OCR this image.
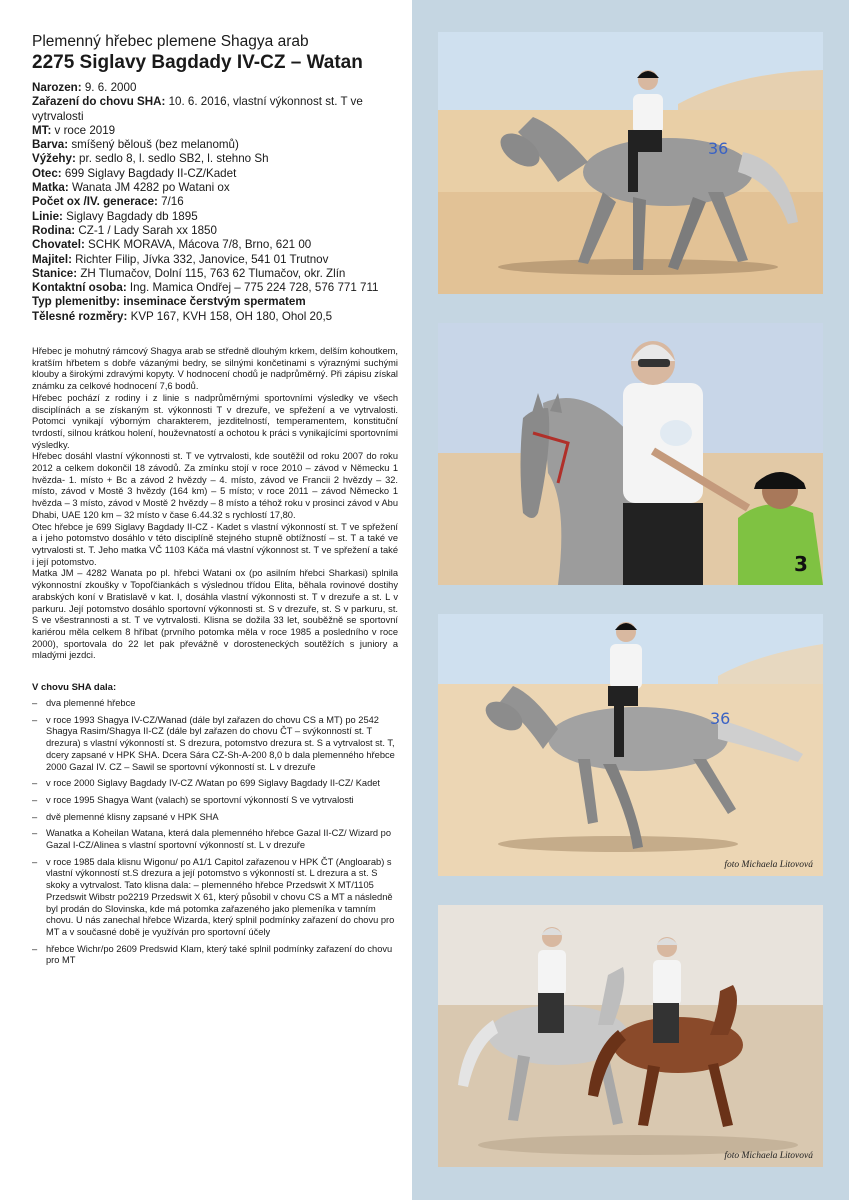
Plemenný hřebec plemene Shagya arab
2275 Siglavy Bagdady IV-CZ – Watan
Narozen: 9. 6. 2000
Zařazení do chovu SHA: 10. 6. 2016, vlastní výkonnost st. T ve vytrvalosti
MT: v roce 2019
Barva: smíšený bělouš (bez melanomů)
Výžehy: pr. sedlo 8, l. sedlo SB2, l. stehno Sh
Otec: 699 Siglavy Bagdady II-CZ/Kadet
Matka: Wanata JM 4282 po Watani ox
Počet ox /IV. generace: 7/16
Linie: Siglavy Bagdady db 1895
Rodina: CZ-1 / Lady Sarah xx 1850
Chovatel: SCHK MORAVA, Mácova 7/8, Brno, 621 00
Majitel: Richter Filip, Jívka 332, Janovice, 541 01 Trutnov
Stanice: ZH Tlumačov, Dolní 115, 763 62 Tlumačov, okr. Zlín
Kontaktní osoba: Ing. Mamica Ondřej – 775 224 728, 576 771 711
Typ plemenitby: inseminace čerstvým spermatem
Tělesné rozměry: KVP 167, KVH 158, OH 180, Ohol 20,5

Hřebec je mohutný rámcový Shagya arab se středně dlouhým krkem, delším kohoutkem, kratším hřbetem s dobře vázanými bedry, se silnými končetinami s výraznými suchými klouby a širokými zdravými kopyty. V hodnocení chodů je nadprůměrný. Při zápisu získal známku za celkové hodnocení 7,6 bodů.

Hřebec pochází z rodiny i z linie s nadprůměrnými sportovními výsledky ve všech disciplínách a se získaným st. výkonnosti T v drezuře, ve spřežení a ve vytrvalosti. Potomci vynikají výborným charakterem, jezditelností, temperamentem, konstituční tvrdostí, silnou krátkou holení, houževnatostí a ochotou k práci s vynikajícími sportovními výsledky.

Hřebec dosáhl vlastní výkonnosti st. T ve vytrvalosti, kde soutěžil od roku 2007 do roku 2012 a celkem dokončil 18 závodů. Za zmínku stojí v roce 2010 – závod v Německu 1 hvězda- 1. místo + Bc a závod 2 hvězdy – 4. místo, závod ve Francii 2 hvězdy – 32. místo, závod v Mostě 3 hvězdy (164 km) – 5 místo; v roce 2011 – závod Německo 1 hvězda – 3 místo, závod v Mostě 2 hvězdy – 8 místo a téhož roku v prosinci závod v Abu Dhabi, UAE 120 km – 32 místo v čase 6.44.32 s rychlostí 17,80.

Otec hřebce je 699 Siglavy Bagdady II-CZ - Kadet s vlastní výkonností st. T ve spřežení a i jeho potomstvo dosáhlo v této disciplíně stejného stupně obtížností – st. T a také ve vytrvalosti st. T. Jeho matka VČ 1103 Káča má vlastní výkonnost st. T ve spřežení a také i její potomstvo.

Matka JM – 4282 Wanata po pl. hřebci Watani ox (po asilním hřebci Sharkasi) splnila výkonnostní zkoušky v Topoľčiankách s výslednou třídou Elita, běhala rovinové dostihy arabských koní v Bratislavě v kat. I, dosáhla vlastní výkonnosti st. T v drezuře a st. L v parkuru. Její potomstvo dosáhlo sportovní výkonnosti st. S v drezuře, st. S v parkuru, st. S ve všestrannosti a st. T ve vytrvalosti. Klisna se dožila 33 let, souběžně se sportovní kariérou měla celkem 8 hříbat (prvního potomka měla v roce 1985 a posledního v roce 2000), sportovala do 22 let pak převážně v dorosteneckých soutěžích s juniory a mladými jezdci.

V chovu SHA dala:
– dva plemenné hřebce
– v roce 1993 Shagya IV-CZ/Wanad (dále byl zařazen do chovu CS a MT) po 2542 Shagya Rasim/Shagya II-CZ (dále byl zařazen do chovu ČT – svýkonností st. T drezura) s vlastní výkonností st. S drezura, potomstvo drezura st. S a vytrvalost st. T, dcery zapsané v HPK SHA. Dcera Sára CZ-Sh-A-200 8,0 b dala plemenného hřebce 2000 Gazal IV. CZ – Sawil se sportovní výkonností st. L v drezuře
– v roce 2000 Siglavy Bagdady IV-CZ /Watan po 699 Siglavy Bagdady II-CZ/ Kadet
– v roce 1995 Shagya Want (valach) se sportovní výkonností S ve vytrvalosti
– dvě plemenné klisny zapsané v HPK SHA
– Wanatka a Koheilan Watana, která dala plemenného hřebce Gazal II-CZ/ Wizard po Gazal I-CZ/Alinea s vlastní sportovní výkonností st. L v drezuře
– v roce 1985 dala klisnu Wigonu/ po A1/1 Capitol zařazenou v HPK ČT (Angloarab) s vlastní výkonností st.S drezura a její potomstvo s výkonností st. L drezura a st. S skoky a vytrvalost. Tato klisna dala: – plemenného hřebce Przedswit X MT/1105 Przedswit Wibstr po2219 Przedswit X 61, který působil v chovu CS a MT a následně byl prodán do Slovinska, kde má potomka zařazeného jako plemeníka v tamním chovu. U nás zanechal hřebce Wizarda, který splnil podmínky zařazení do chovu pro MT a v současné době je využíván pro sportovní účely
– hřebce Wichr/po 2609 Predswid Klam, který také splnil podmínky zařazení do chovu pro MT
36
3
36
foto Michaela Litovová
foto Michaela Litovová
